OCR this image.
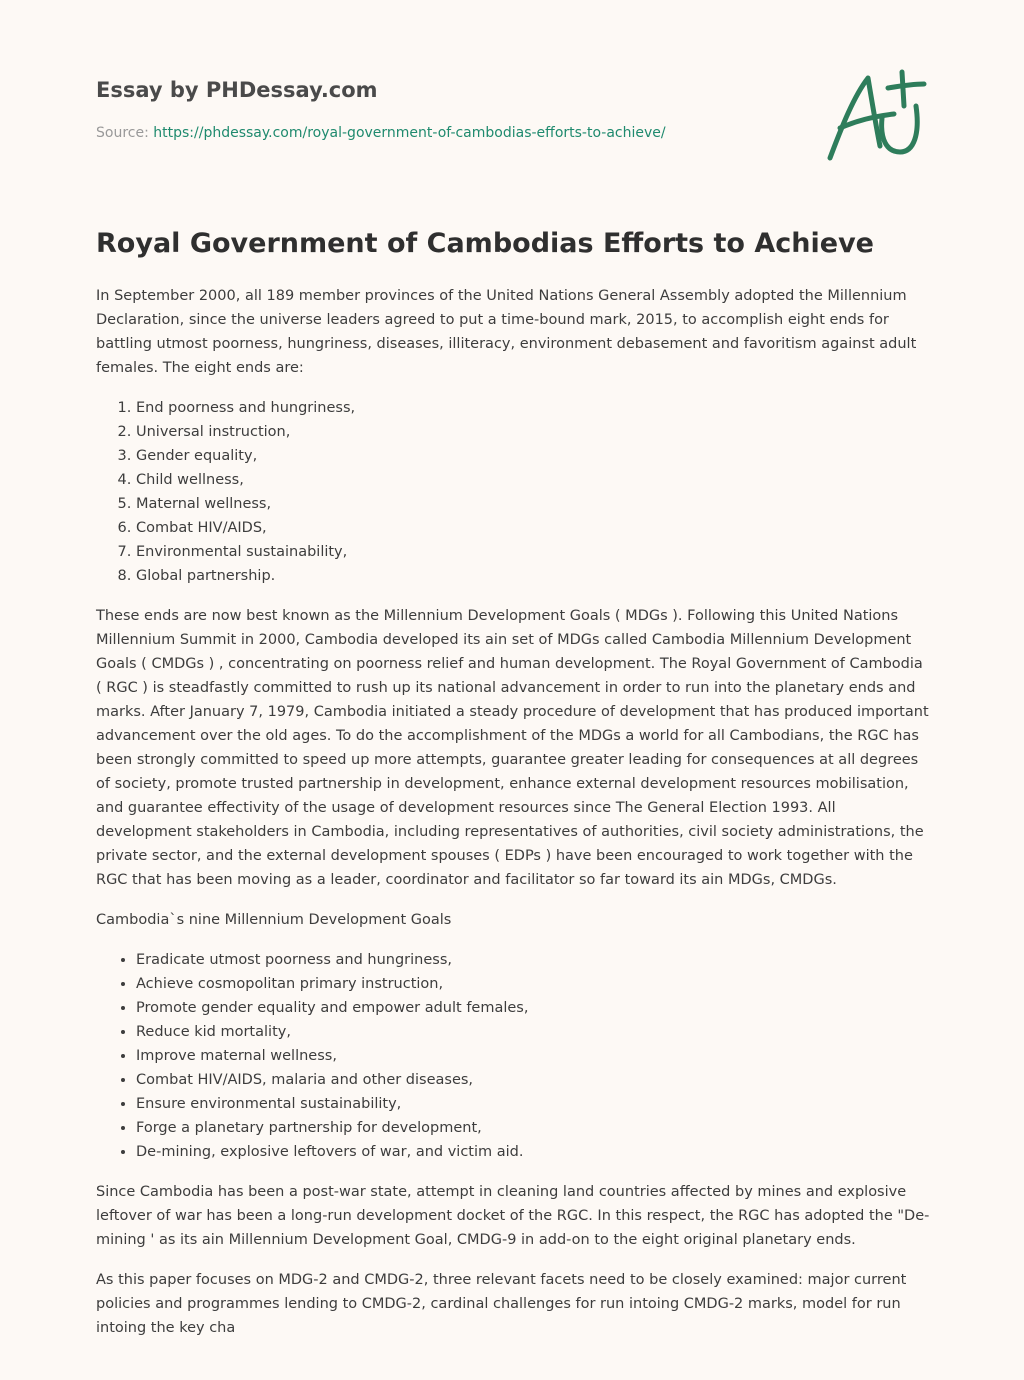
Essay by PHDessay.com

Source: https://phdessay.com/royal-government-of-cambodias-efforts-to-achieve/

Royal Government of Cambodias Efforts to Achieve

In September 2000, all 189 member provinces of the United Nations General Assembly adopted the Millennium Declaration, since the universe leaders agreed to put a time-bound mark, 2015, to accomplish eight ends for battling utmost poorness, hungriness, diseases, illiteracy, environment debasement and favoritism against adult females. The eight ends are:

1. End poorness and hungriness,
2. Universal instruction,
3. Gender equality,
4. Child wellness,
5. Maternal wellness,
6. Combat HIV/AIDS,
7. Environmental sustainability,
8. Global partnership.

These ends are now best known as the Millennium Development Goals ( MDGs ). Following this United Nations Millennium Summit in 2000, Cambodia developed its ain set of MDGs called Cambodia Millennium Development Goals ( CMDGs ) , concentrating on poorness relief and human development. The Royal Government of Cambodia ( RGC ) is steadfastly committed to rush up its national advancement in order to run into the planetary ends and marks. After January 7, 1979, Cambodia initiated a steady procedure of development that has produced important advancement over the old ages. To do the accomplishment of the MDGs a world for all Cambodians, the RGC has been strongly committed to speed up more attempts, guarantee greater leading for consequences at all degrees of society, promote trusted partnership in development, enhance external development resources mobilisation, and guarantee effectivity of the usage of development resources since The General Election 1993. All development stakeholders in Cambodia, including representatives of authorities, civil society administrations, the private sector, and the external development spouses ( EDPs ) have been encouraged to work together with the RGC that has been moving as a leader, coordinator and facilitator so far toward its ain MDGs, CMDGs.

Cambodia`s nine Millennium Development Goals

• Eradicate utmost poorness and hungriness,
• Achieve cosmopolitan primary instruction,
• Promote gender equality and empower adult females,
• Reduce kid mortality,
• Improve maternal wellness,
• Combat HIV/AIDS, malaria and other diseases,
• Ensure environmental sustainability,
• Forge a planetary partnership for development,
• De-mining, explosive leftovers of war, and victim aid.

Since Cambodia has been a post-war state, attempt in cleaning land countries affected by mines and explosive leftover of war has been a long-run development docket of the RGC. In this respect, the RGC has adopted the "De-mining ' as its ain Millennium Development Goal, CMDG-9 in add-on to the eight original planetary ends.

As this paper focuses on MDG-2 and CMDG-2, three relevant facets need to be closely examined: major current policies and programmes lending to CMDG-2, cardinal challenges for run intoing CMDG-2 marks, model for run intoing the key cha
